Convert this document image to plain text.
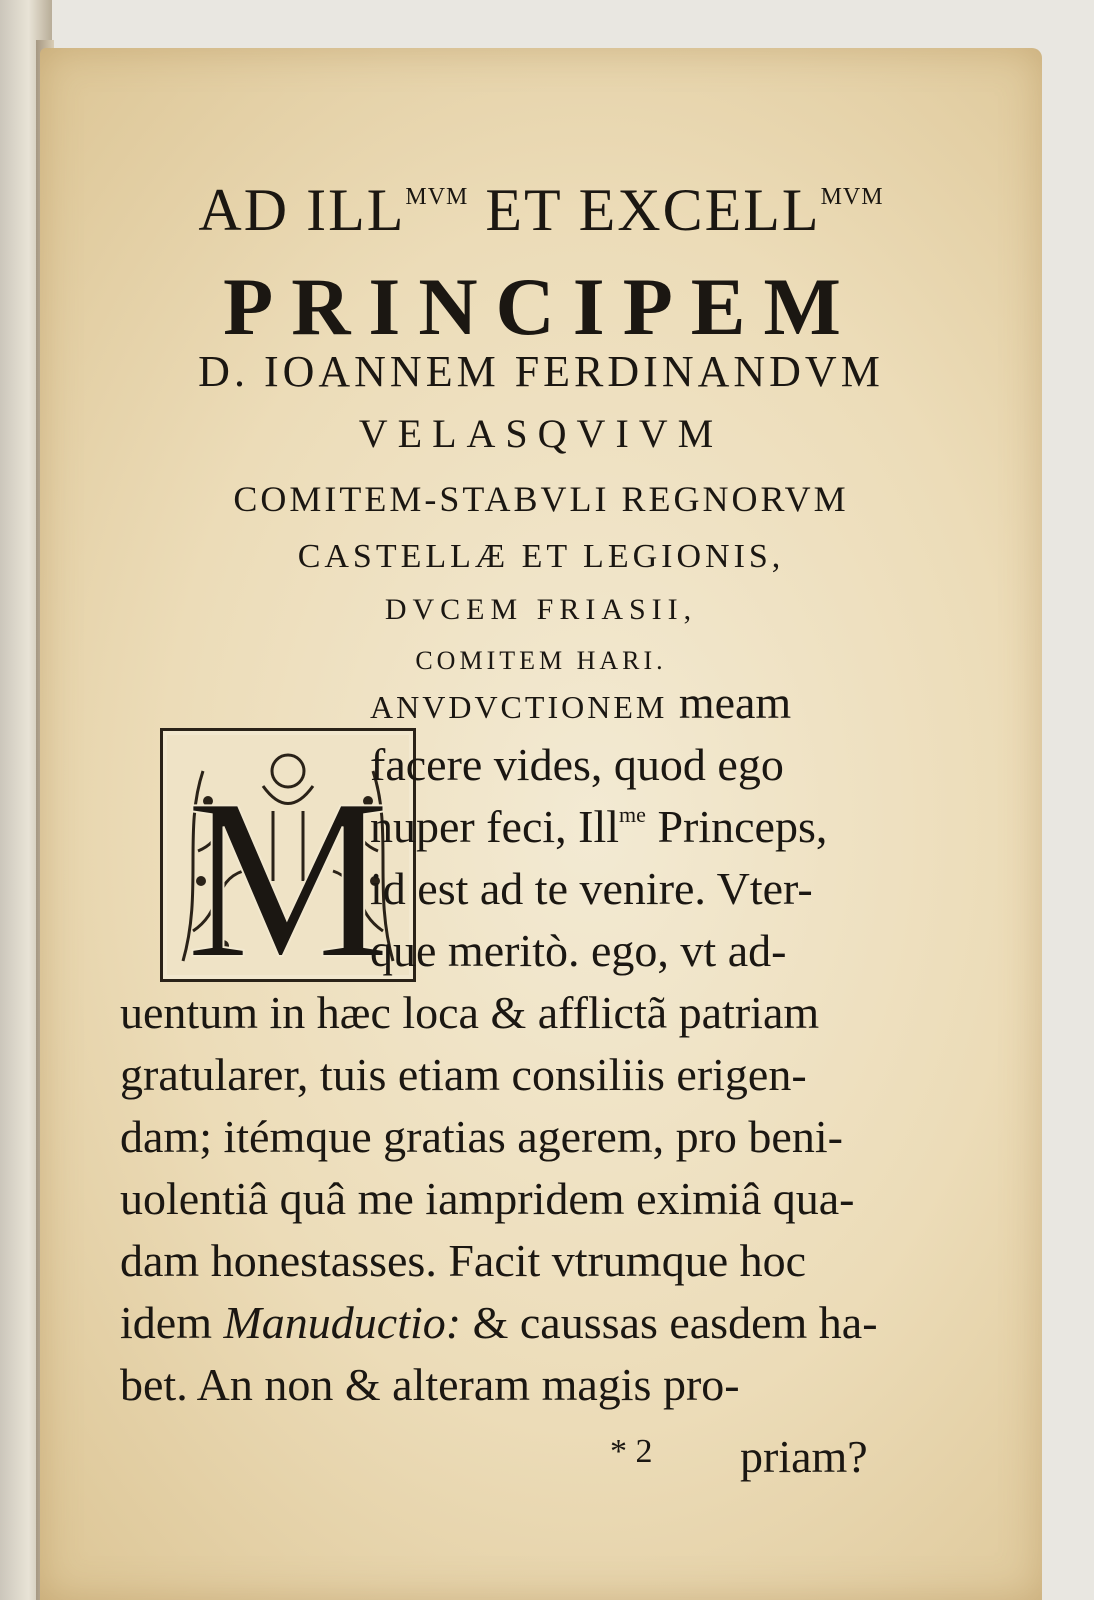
AD $ILL^{MVM}$ ET $EXCELL^{MVM}$
PRINCIPEM
D. IOANNEM FERDINANDVM
VELASQVIVM
COMITEM-STABVLI REGNORVM
CASTELLÆ ET LEGIONIS,
DVCEM FRIASII,
COMITEM HARI.
M
ANVDVCTIONEM meam
facere vides, quod ego
nuper feci, Ill$^{me}$ Princeps,
id est ad te venire. Vter-
que meritò. ego, vt ad-
uentum in hæc loca & afflictã patriam
gratularer, tuis etiam consiliis erigen-
dam; itémque gratias agerem, pro beni-
uolentiâ quâ me iampridem eximiâ qua-
dam honestasses. Facit vtrumque hoc
idem Manuductio: & caussas easdem ha-
bet. An non & alteram magis pro-
* 2 priam?
